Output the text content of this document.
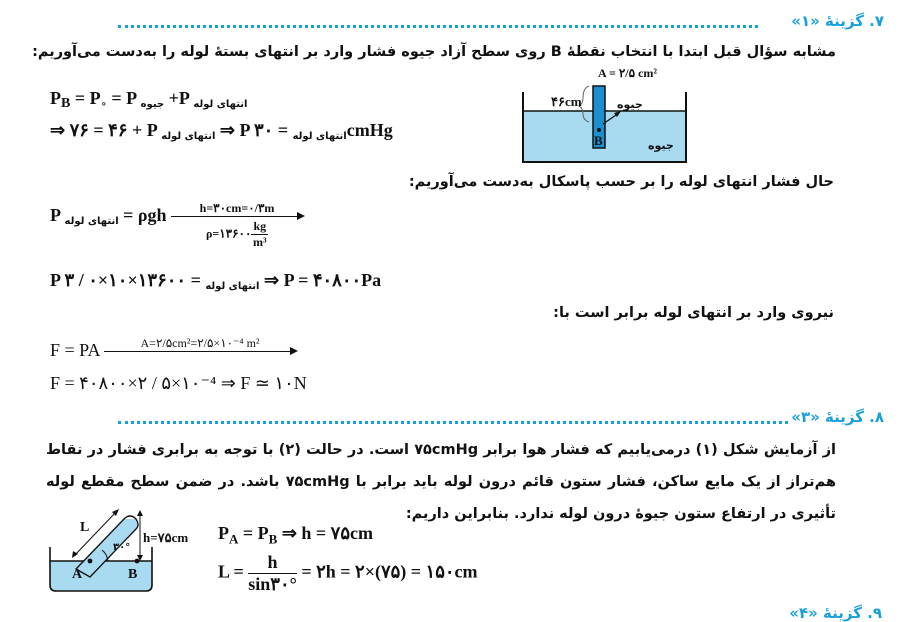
۷. گزینهٔ «۱»
مشابه سؤال قبل ابتدا با انتخاب نقطهٔ B روی سطح آزاد جیوه فشار وارد بر انتهای بستهٔ لوله را به‌دست می‌آوریم:
$P_B = P_\circ = P$ $_{جیوه}$ +P $_{انتهای لوله}$
⇒ ۷۶ = ۴۶ + P $_{انتهای لوله}$ ⇒ P	$_{انتهای لوله}$ = ۳۰cmHg
A = ۲/۵ cm²
۴۶cm	جیوه
B	جیوه
حال فشار انتهای لوله را بر حسب پاسکال به‌دست می‌آوریم:
P $_{انتهای لوله}$ = ρgh	h=۳۰cm=۰/۳m
ρ=۱۳۶۰۰ $\frac{kg}{\text{m³}}$
P	$_{انتهای لوله}$ = ۱۳۶۰۰×۱۰×۰ / ۳ ⇒ P = ۴۰۸۰۰Pa
نیروی وارد بر انتهای لوله برابر است با:
F = PA	A=۲/۵cm²=۲/۵×۱۰⁻⁴ m²
F = ۴۰۸۰۰×۲ / ۵×۱۰⁻⁴ ⇒ F ≃ ۱۰N
۸. گزینهٔ «۳»
از آزمایش شکل (۱) درمی‌یابیم که فشار هوا برابر ۷۵cmHg است. در حالت (۲) با توجه به برابری فشار در نقاط هم‌تراز از یک مایع ساکن، فشار ستون قائم درون لوله باید برابر با ۷۵cmHg باشد. در ضمن سطح مقطع لوله تأثیری در ارتفاع ستون جیوهٔ درون لوله ندارد. بنابراین داریم:
L
h=۷۵cm
۳۰°
A	B
$P_A = P_B$ ⇒ h = ۷۵cm
$L = \frac{h}{\sin ۳۰^\circ}$ = ۲h = ۲×(۷۵) = ۱۵۰cm
۹. گزینهٔ «۴»
